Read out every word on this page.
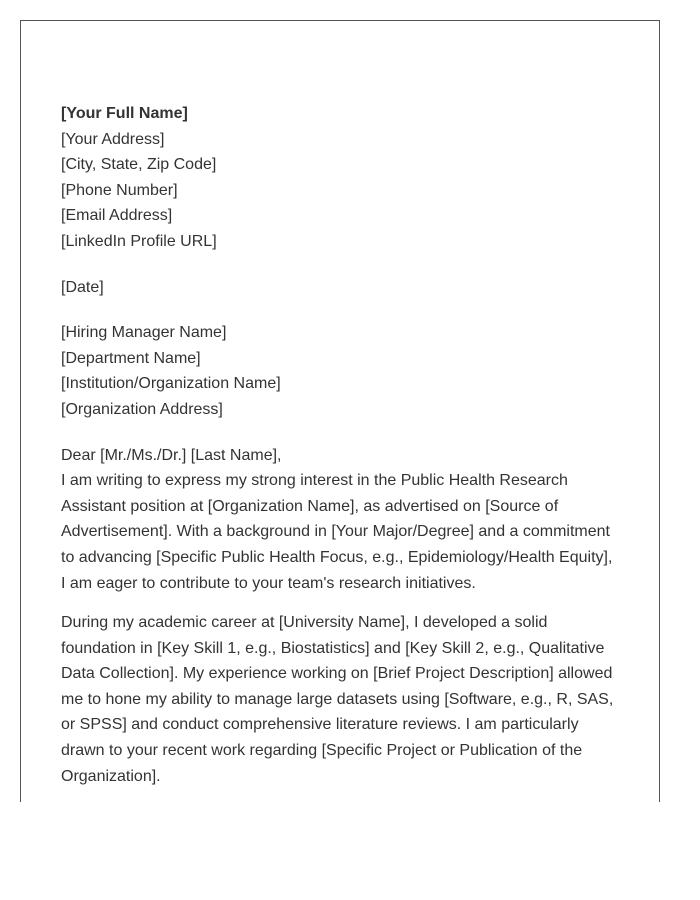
[Your Full Name]
[Your Address]
[City, State, Zip Code]
[Phone Number]
[Email Address]
[LinkedIn Profile URL]
[Date]
[Hiring Manager Name]
[Department Name]
[Institution/Organization Name]
[Organization Address]
Dear [Mr./Ms./Dr.] [Last Name],

I am writing to express my strong interest in the Public Health Research Assistant position at [Organization Name], as advertised on [Source of Advertisement]. With a background in [Your Major/Degree] and a commitment to advancing [Specific Public Health Focus, e.g., Epidemiology/Health Equity], I am eager to contribute to your team's research initiatives.

During my academic career at [University Name], I developed a solid foundation in [Key Skill 1, e.g., Biostatistics] and [Key Skill 2, e.g., Qualitative Data Collection]. My experience working on [Brief Project Description] allowed me to hone my ability to manage large datasets using [Software, e.g., R, SAS, or SPSS] and conduct comprehensive literature reviews. I am particularly drawn to your recent work regarding [Specific Project or Publication of the Organization].
